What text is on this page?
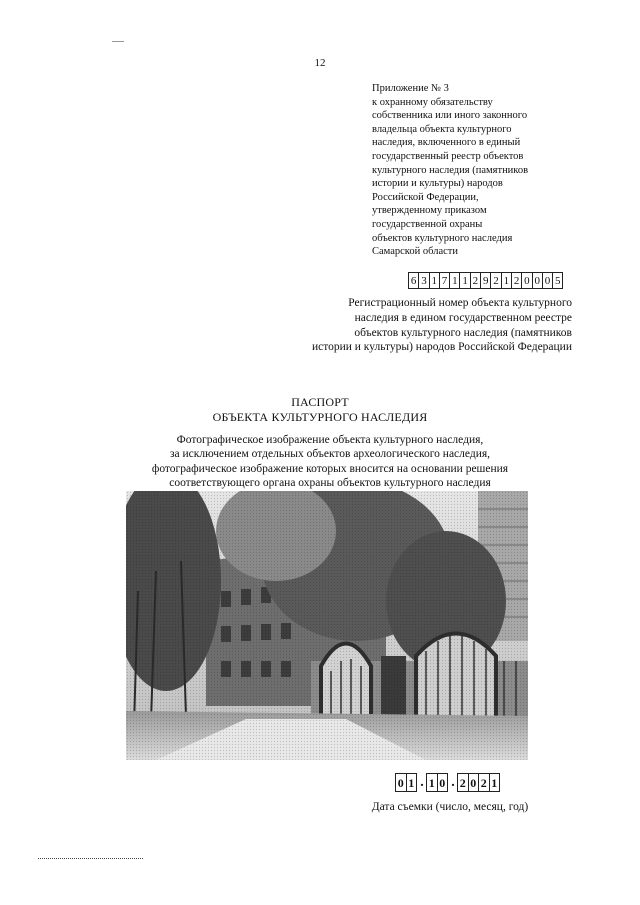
12
Приложение № 3
к охранному обязательству
собственника или иного законного
владельца объекта культурного
наследия, включенного в единый
государственный реестр объектов
культурного наследия (памятников
истории и культуры) народов
Российской Федерации,
утвержденному приказом
государственной охраны
объектов культурного наследия
Самарской области
6 3 1 7 1 1 2 9 2 1 2 0 0 0 5
Регистрационный номер объекта культурного
наследия в едином государственном реестре
объектов культурного наследия (памятников
истории и культуры) народов Российской Федерации
ПАСПОРТ
ОБЪЕКТА КУЛЬТУРНОГО НАСЛЕДИЯ
Фотографическое изображение объекта культурного наследия,
за исключением отдельных объектов археологического наследия,
фотографическое изображение которых вносится на основании решения
соответствующего органа охраны объектов культурного наследия
0 1 . 1 0 . 2 0 2 1
Дата съемки (число, месяц, год)
